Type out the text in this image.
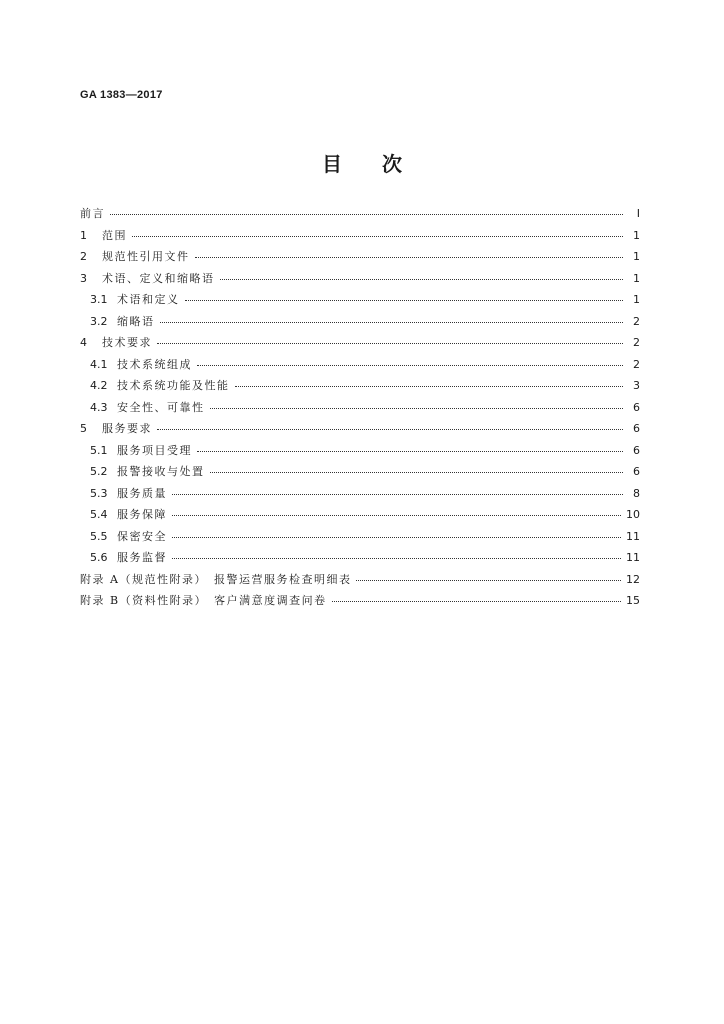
GA 1383—2017
目　　次
前言	I
1	范围	1
2	规范性引用文件	1
3	术语、定义和缩略语	1
3.1 术语和定义	1
3.2 缩略语	2
4	技术要求	2
4.1 技术系统组成	2
4.2 技术系统功能及性能	3
4.3 安全性、可靠性	6
5	服务要求	6
5.1 服务项目受理	6
5.2 报警接收与处置	6
5.3 服务质量	8
5.4 服务保障	10
5.5 保密安全	11
5.6 服务监督	11
附录 A（规范性附录）　报警运营服务检查明细表	12
附录 B（资料性附录）　客户满意度调查问卷	15
